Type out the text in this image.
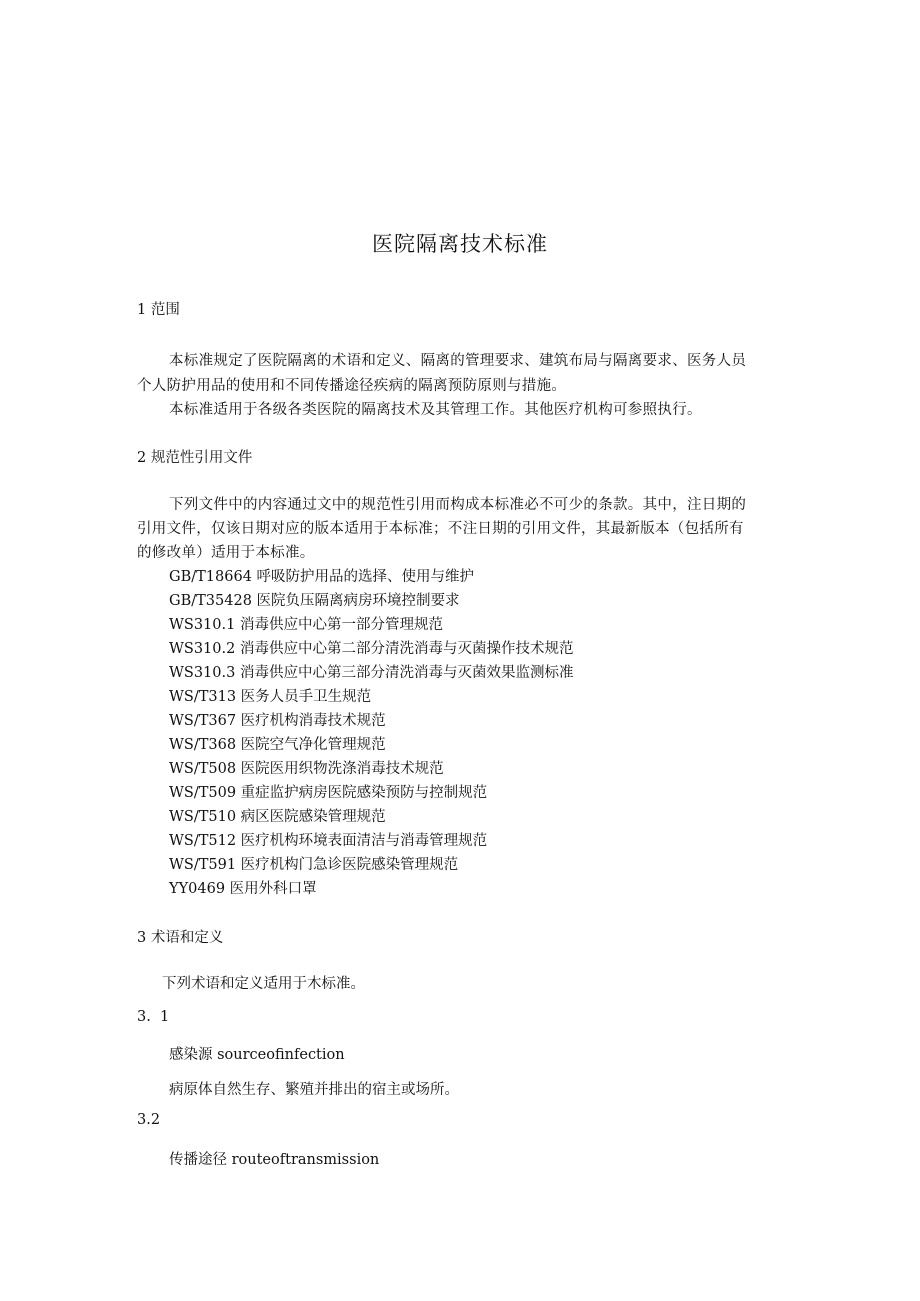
医院隔离技术标准
1 范围
本标准规定了医院隔离的术语和定义、隔离的管理要求、建筑布局与隔离要求、医务人员
个人防护用品的使用和不同传播途径疾病的隔离预防原则与措施。
本标准适用于各级各类医院的隔离技术及其管理工作。其他医疗机构可参照执行。
2 规范性引用文件
下列文件中的内容通过文中的规范性引用而构成本标准必不可少的条款。其中，注日期的
引用文件，仅该日期对应的版本适用于本标准；不注日期的引用文件，其最新版本（包括所有
的修改单）适用于本标准。
GB/T18664 呼吸防护用品的选择、使用与维护
GB/T35428 医院负压隔离病房环境控制要求
WS310.1 消毒供应中心第一部分管理规范
WS310.2 消毒供应中心第二部分清洗消毒与灭菌操作技术规范
WS310.3 消毒供应中心第三部分清洗消毒与灭菌效果监测标准
WS/T313 医务人员手卫生规范
WS/T367 医疗机构消毒技术规范
WS/T368 医院空气净化管理规范
WS/T508 医院医用织物洗涤消毒技术规范
WS/T509 重症监护病房医院感染预防与控制规范
WS/T510 病区医院感染管理规范
WS/T512 医疗机构环境表面清洁与消毒管理规范
WS/T591 医疗机构门急诊医院感染管理规范
YY0469 医用外科口罩
3 术语和定义
下列术语和定义适用于木标准。
3.  1
感染源 sourceofinfection
病原体自然生存、繁殖并排出的宿主或场所。
3.2
传播途径 routeoftransmission
